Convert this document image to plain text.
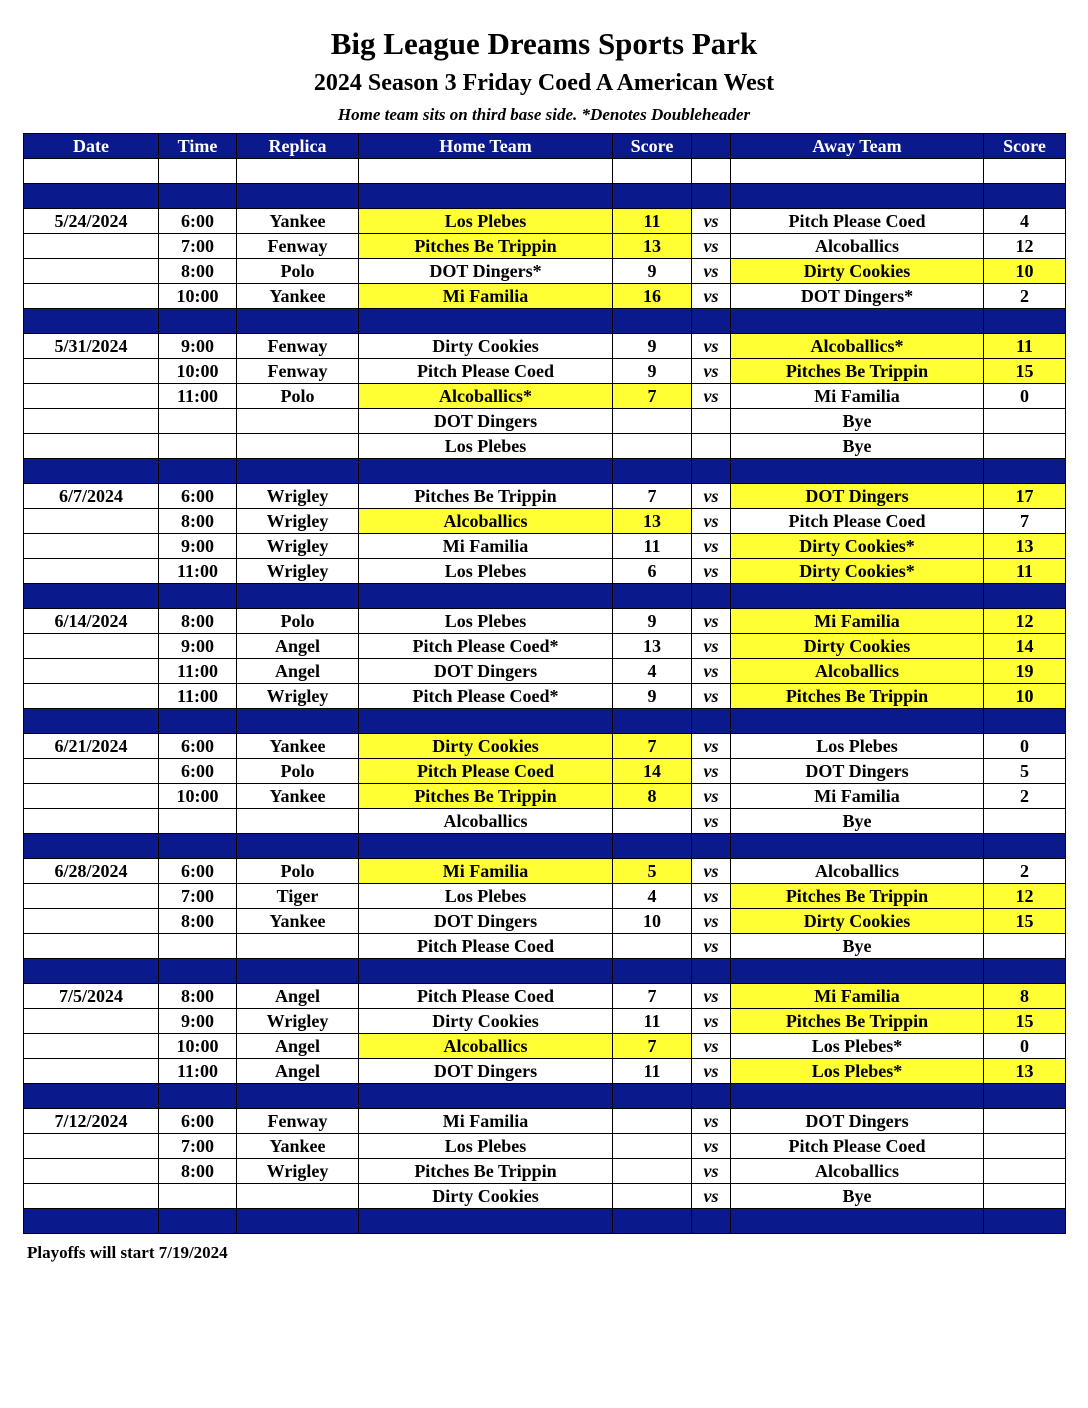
Big League Dreams Sports Park
2024 Season 3 Friday Coed A American West
Home team sits on third base side. *Denotes Doubleheader
Date	Time	Replica	Home Team	Score		Away Team	Score

5/24/2024	6:00	Yankee	Los Plebes	11	vs	Pitch Please Coed	4
	7:00	Fenway	Pitches Be Trippin	13	vs	Alcoballics	12
	8:00	Polo	DOT Dingers*	9	vs	Dirty Cookies	10
	10:00	Yankee	Mi Familia	16	vs	DOT Dingers*	2

5/31/2024	9:00	Fenway	Dirty Cookies	9	vs	Alcoballics*	11
	10:00	Fenway	Pitch Please Coed	9	vs	Pitches Be Trippin	15
	11:00	Polo	Alcoballics*	7	vs	Mi Familia	0
			DOT Dingers			Bye	
			Los Plebes			Bye	

6/7/2024	6:00	Wrigley	Pitches Be Trippin	7	vs	DOT Dingers	17
	8:00	Wrigley	Alcoballics	13	vs	Pitch Please Coed	7
	9:00	Wrigley	Mi Familia	11	vs	Dirty Cookies*	13
	11:00	Wrigley	Los Plebes	6	vs	Dirty Cookies*	11

6/14/2024	8:00	Polo	Los Plebes	9	vs	Mi Familia	12
	9:00	Angel	Pitch Please Coed*	13	vs	Dirty Cookies	14
	11:00	Angel	DOT Dingers	4	vs	Alcoballics	19
	11:00	Wrigley	Pitch Please Coed*	9	vs	Pitches Be Trippin	10

6/21/2024	6:00	Yankee	Dirty Cookies	7	vs	Los Plebes	0
	6:00	Polo	Pitch Please Coed	14	vs	DOT Dingers	5
	10:00	Yankee	Pitches Be Trippin	8	vs	Mi Familia	2
			Alcoballics		vs	Bye	

6/28/2024	6:00	Polo	Mi Familia	5	vs	Alcoballics	2
	7:00	Tiger	Los Plebes	4	vs	Pitches Be Trippin	12
	8:00	Yankee	DOT Dingers	10	vs	Dirty Cookies	15
			Pitch Please Coed		vs	Bye	

7/5/2024	8:00	Angel	Pitch Please Coed	7	vs	Mi Familia	8
	9:00	Wrigley	Dirty Cookies	11	vs	Pitches Be Trippin	15
	10:00	Angel	Alcoballics	7	vs	Los Plebes*	0
	11:00	Angel	DOT Dingers	11	vs	Los Plebes*	13

7/12/2024	6:00	Fenway	Mi Familia		vs	DOT Dingers	
	7:00	Yankee	Los Plebes		vs	Pitch Please Coed	
	8:00	Wrigley	Pitches Be Trippin		vs	Alcoballics	
			Dirty Cookies		vs	Bye	

Playoffs will start 7/19/2024
